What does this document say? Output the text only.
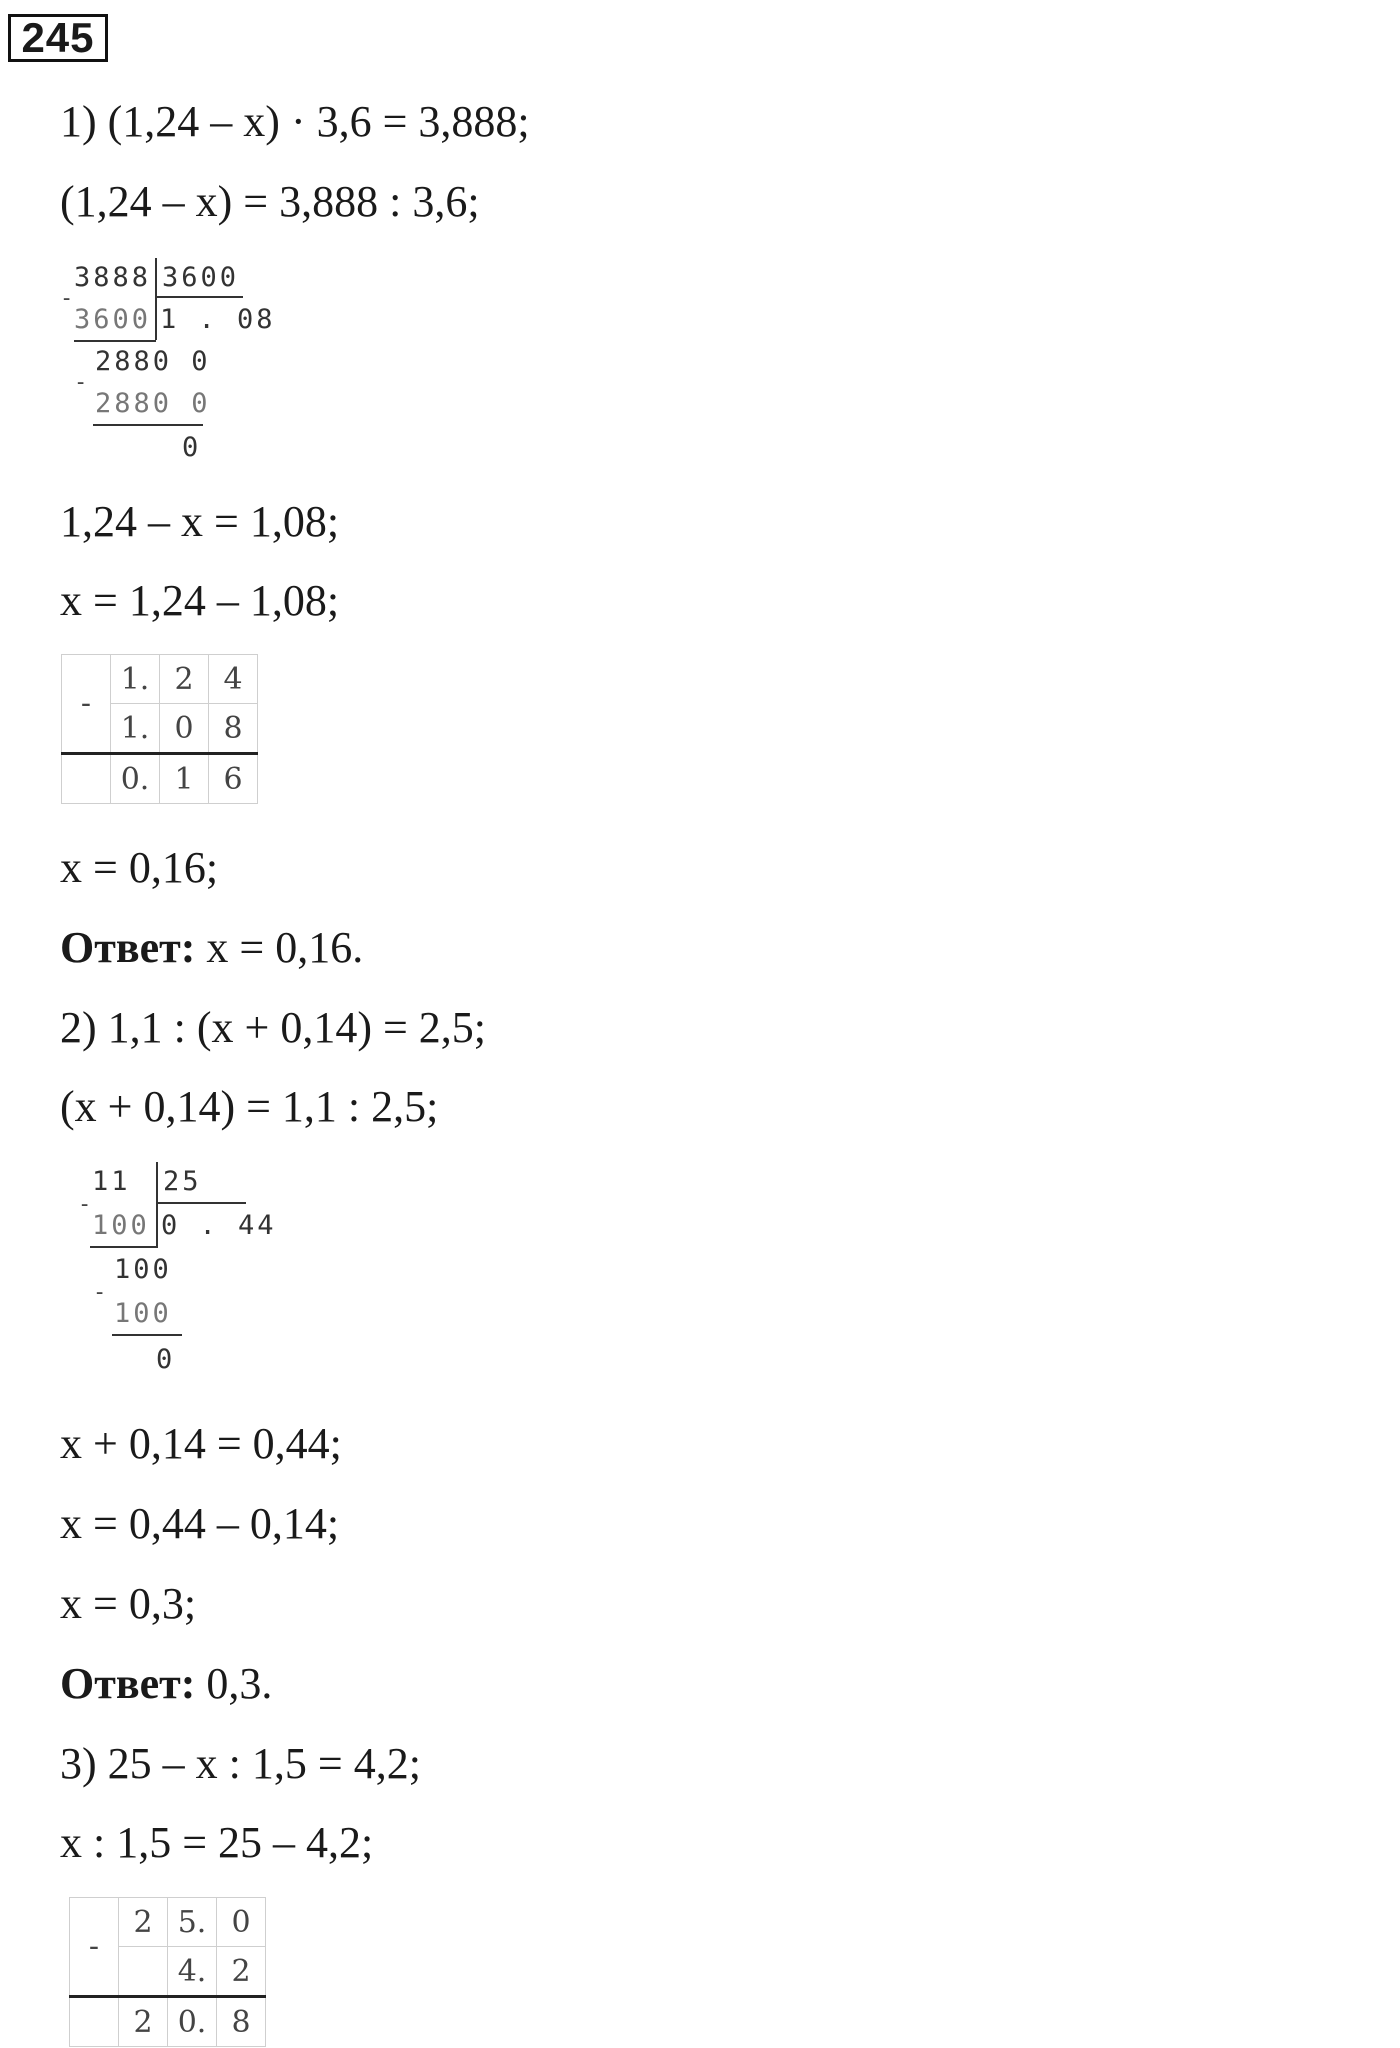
245
1) (1,24 – x) · 3,6 = 3,888;
(1,24 – x) = 3,888 : 3,6;
3888 3600
-
3600 1 . 08
2880 0
-
2880 0
0
1,24 – x = 1,08;
x = 1,24 – 1,08;
-	1.	2	4
	1.	0	8
	0.	1	6
x = 0,16;
Ответ: x = 0,16.
2) 1,1 : (x + 0,14) = 2,5;
(x + 0,14) = 1,1 : 2,5;
11 25
-
100 0 . 44
100
-
100
0
x + 0,14 = 0,44;
x = 0,44 – 0,14;
x = 0,3;
Ответ: 0,3.
3) 25 – x : 1,5 = 4,2;
x : 1,5 = 25 – 4,2;
-	2	5.	0
		4.	2
	2	0.	8
